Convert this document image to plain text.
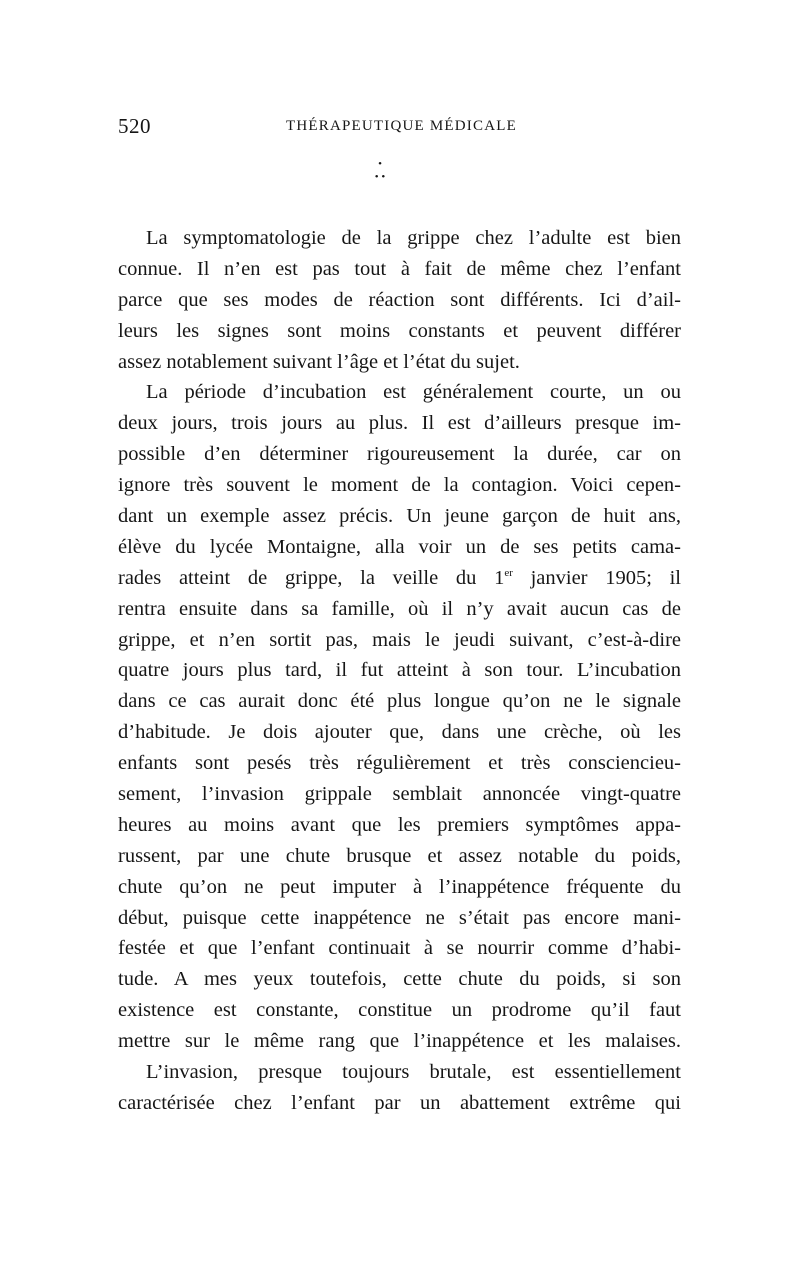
520	THÉRAPEUTIQUE MÉDICALE
•
• •
La symptomatologie de la grippe chez l’adulte est bien
connue. Il n’en est pas tout à fait de même chez l’enfant
parce que ses modes de réaction sont différents. Ici d’ail-
leurs les signes sont moins constants et peuvent différer
assez notablement suivant l’âge et l’état du sujet.
La période d’incubation est généralement courte, un ou
deux jours, trois jours au plus. Il est d’ailleurs presque im-
possible d’en déterminer rigoureusement la durée, car on
ignore très souvent le moment de la contagion. Voici cepen-
dant un exemple assez précis. Un jeune garçon de huit ans,
élève du lycée Montaigne, alla voir un de ses petits cama-
rades atteint de grippe, la veille du 1er janvier 1905; il
rentra ensuite dans sa famille, où il n’y avait aucun cas de
grippe, et n’en sortit pas, mais le jeudi suivant, c’est-à-dire
quatre jours plus tard, il fut atteint à son tour. L’incubation
dans ce cas aurait donc été plus longue qu’on ne le signale
d’habitude. Je dois ajouter que, dans une crèche, où les
enfants sont pesés très régulièrement et très consciencieu-
sement, l’invasion grippale semblait annoncée vingt-quatre
heures au moins avant que les premiers symptômes appa-
russent, par une chute brusque et assez notable du poids,
chute qu’on ne peut imputer à l’inappétence fréquente du
début, puisque cette inappétence ne s’était pas encore mani-
festée et que l’enfant continuait à se nourrir comme d’habi-
tude. A mes yeux toutefois, cette chute du poids, si son
existence est constante, constitue un prodrome qu’il faut
mettre sur le même rang que l’inappétence et les malaises.
L’invasion, presque toujours brutale, est essentiellement
caractérisée chez l’enfant par un abattement extrême qui
